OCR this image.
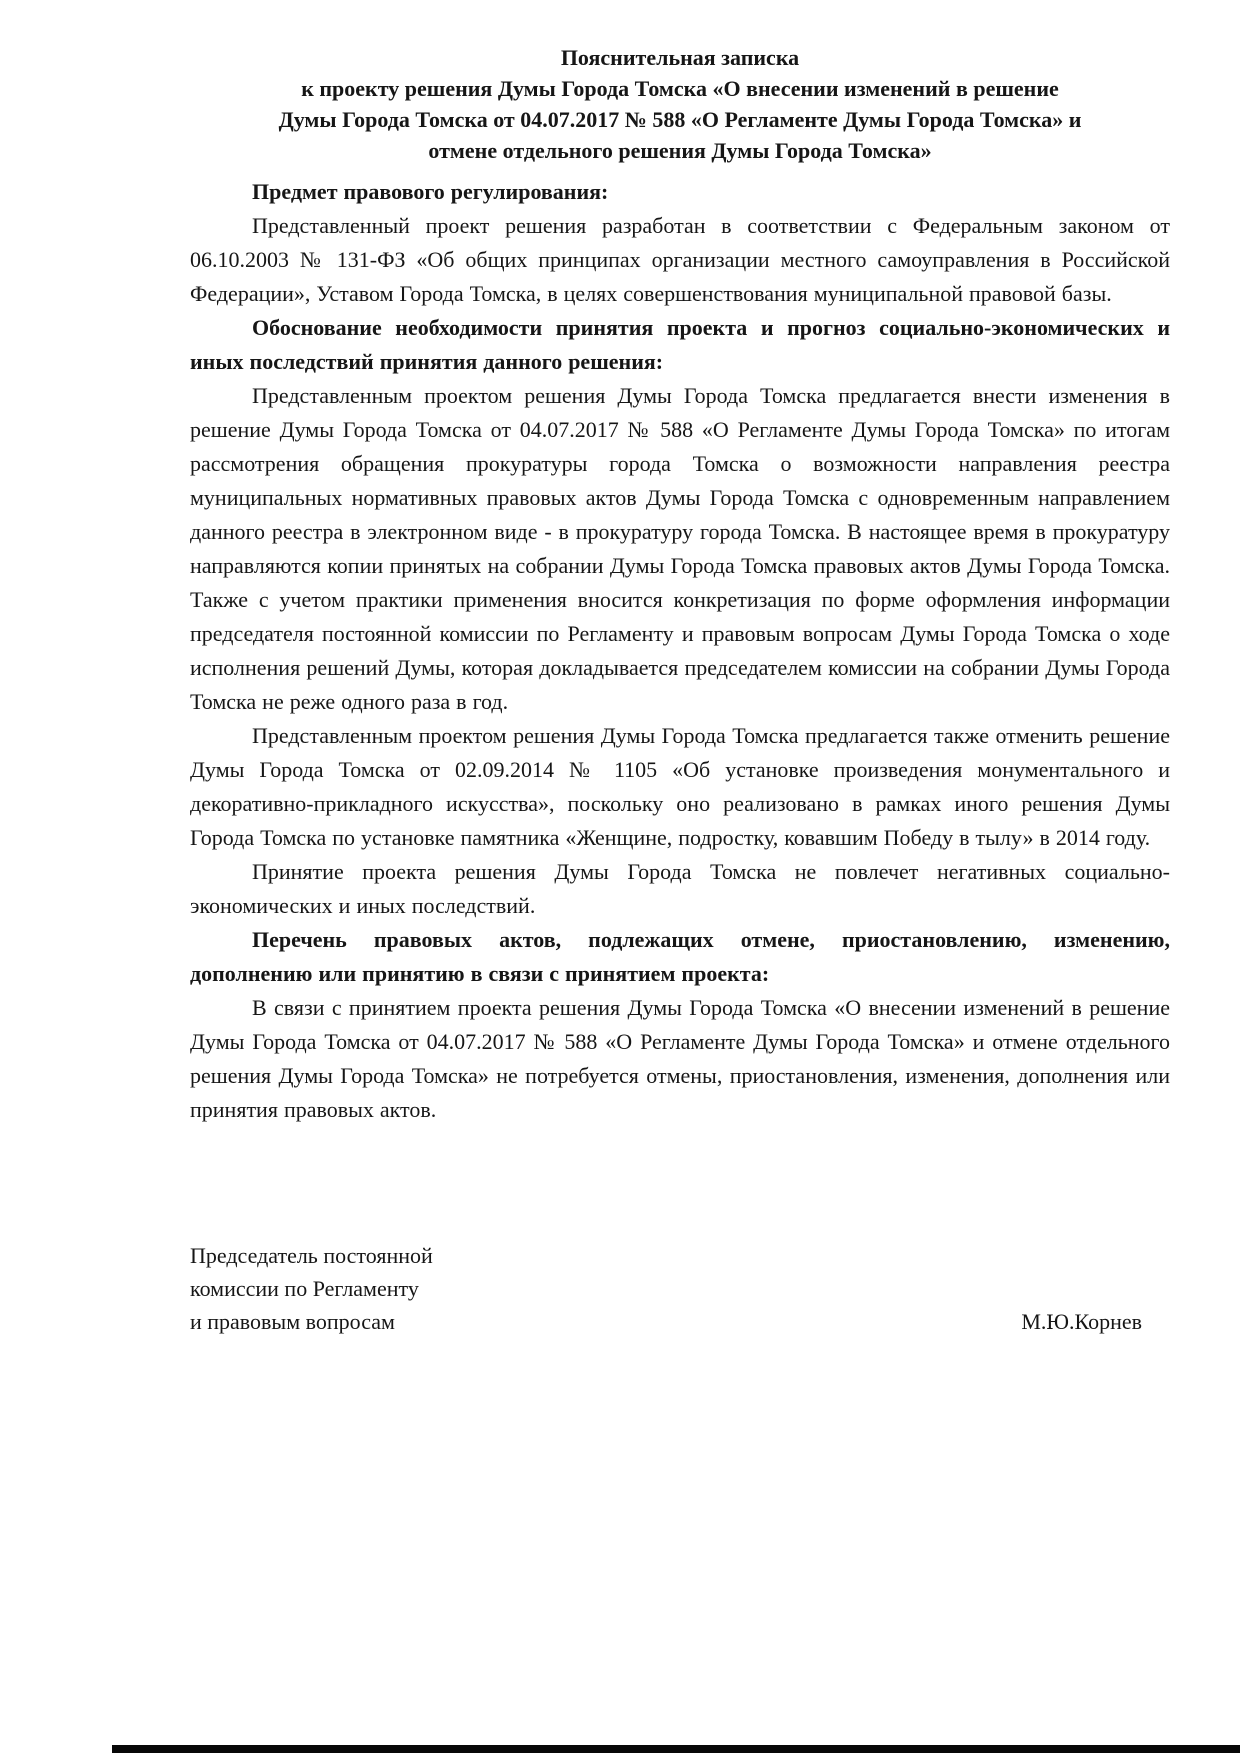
Пояснительная записка
к проекту решения Думы Города Томска «О внесении изменений в решение
Думы Города Томска от 04.07.2017 № 588 «О Регламенте Думы Города Томска» и
отмене отдельного решения Думы Города Томска»

Предмет правового регулирования:

Представленный проект решения разработан в соответствии с Федеральным законом от 06.10.2003 № 131-ФЗ «Об общих принципах организации местного самоуправления в Российской Федерации», Уставом Города Томска, в целях совершенствования муниципальной правовой базы.

Обоснование необходимости принятия проекта и прогноз социально-экономических и иных последствий принятия данного решения:

Представленным проектом решения Думы Города Томска предлагается внести изменения в решение Думы Города Томска от 04.07.2017 № 588 «О Регламенте Думы Города Томска» по итогам рассмотрения обращения прокуратуры города Томска о возможности направления реестра муниципальных нормативных правовых актов Думы Города Томска с одновременным направлением данного реестра в электронном виде - в прокуратуру города Томска. В настоящее время в прокуратуру направляются копии принятых на собрании Думы Города Томска правовых актов Думы Города Томска. Также с учетом практики применения вносится конкретизация по форме оформления информации председателя постоянной комиссии по Регламенту и правовым вопросам Думы Города Томска о ходе исполнения решений Думы, которая докладывается председателем комиссии на собрании Думы Города Томска не реже одного раза в год.

Представленным проектом решения Думы Города Томска предлагается также отменить решение Думы Города Томска от 02.09.2014 № 1105 «Об установке произведения монументального и декоративно-прикладного искусства», поскольку оно реализовано в рамках иного решения Думы Города Томска по установке памятника «Женщине, подростку, ковавшим Победу в тылу» в 2014 году.

Принятие проекта решения Думы Города Томска не повлечет негативных социально-экономических и иных последствий.

Перечень правовых актов, подлежащих отмене, приостановлению, изменению, дополнению или принятию в связи с принятием проекта:

В связи с принятием проекта решения Думы Города Томска «О внесении изменений в решение Думы Города Томска от 04.07.2017 № 588 «О Регламенте Думы Города Томска» и отмене отдельного решения Думы Города Томска» не потребуется отмены, приостановления, изменения, дополнения или принятия правовых актов.

Председатель постоянной
комиссии по Регламенту
и правовым вопросам	М.Ю.Корнев
